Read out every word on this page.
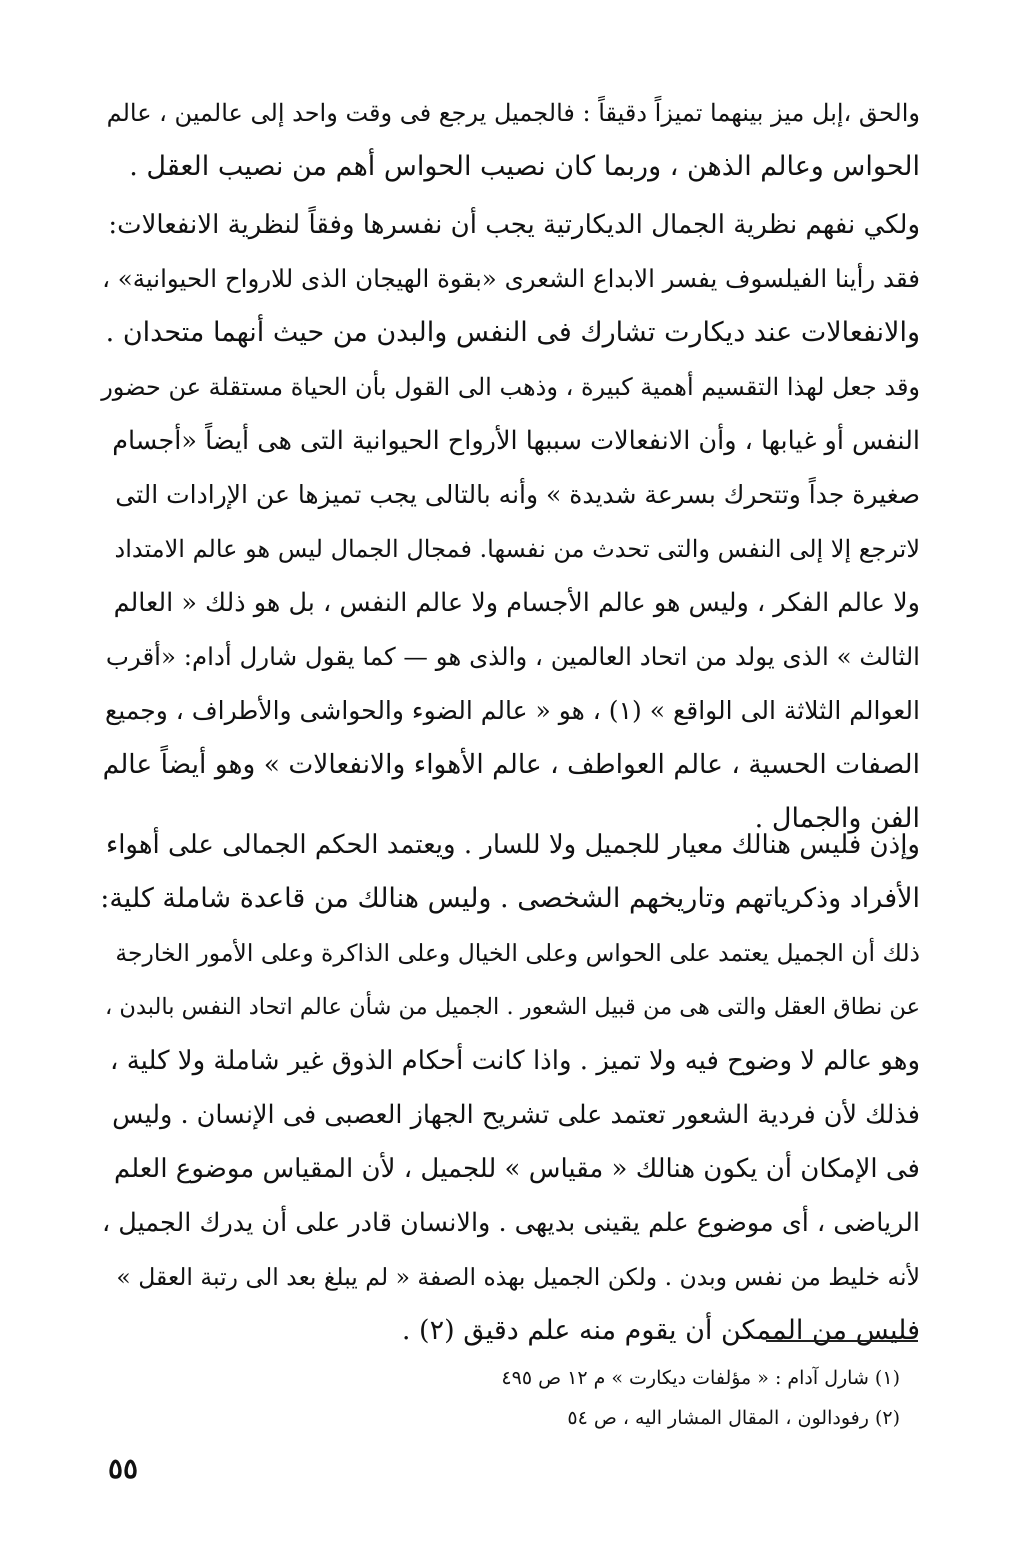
والحق ،إبل ميز بينهما تميزاً دقيقاً : فالجميل يرجع فى وقت واحد إلى عالمين ، عالم
الحواس وعالم الذهن ، وربما كان نصيب الحواس أهم من نصيب العقل .
ولكي نفهم نظرية الجمال الديكارتية يجب أن نفسرها وفقاً لنظرية الانفعالات:
فقد رأينا الفيلسوف يفسر الابداع الشعرى «بقوة الهيجان الذى للارواح الحيوانية» ،
والانفعالات عند ديكارت تشارك فى النفس والبدن من حيث أنهما متحدان .
وقد جعل لهذا التقسيم أهمية كبيرة ، وذهب الى القول بأن الحياة مستقلة عن حضور
النفس أو غيابها ، وأن الانفعالات سببها الأرواح الحيوانية التى هى أيضاً «أجسام
صغيرة جداً وتتحرك بسرعة شديدة » وأنه بالتالى يجب تميزها عن الإرادات التى
لاترجع إلا إلى النفس والتى تحدث من نفسها. فمجال الجمال ليس هو عالم الامتداد
ولا عالم الفكر ، وليس هو عالم الأجسام ولا عالم النفس ، بل هو ذلك « العالم
الثالث » الذى يولد من اتحاد العالمين ، والذى هو — كما يقول شارل أدام: «أقرب
العوالم الثلاثة الى الواقع » (١) ، هو « عالم الضوء والحواشى والأطراف ، وجميع
الصفات الحسية ، عالم العواطف ، عالم الأهواء والانفعالات » وهو أيضاً عالم
الفن والجمال .
وإذن فليس هنالك معيار للجميل ولا للسار . ويعتمد الحكم الجمالى على أهواء
الأفراد وذكرياتهم وتاريخهم الشخصى . وليس هنالك من قاعدة شاملة كلية:
ذلك أن الجميل يعتمد على الحواس وعلى الخيال وعلى الذاكرة وعلى الأمور الخارجة
عن نطاق العقل والتى هى من قبيل الشعور . الجميل من شأن عالم اتحاد النفس بالبدن ،
وهو عالم لا وضوح فيه ولا تميز . واذا كانت أحكام الذوق غير شاملة ولا كلية ،
فذلك لأن فردية الشعور تعتمد على تشريح الجهاز العصبى فى الإنسان . وليس
فى الإمكان أن يكون هنالك « مقياس » للجميل ، لأن المقياس موضوع العلم
الرياضى ، أى موضوع علم يقينى بديهى . والانسان قادر على أن يدرك الجميل ،
لأنه خليط من نفس وبدن . ولكن الجميل بهذه الصفة « لم يبلغ بعد الى رتبة العقل »
فليس من الممكن أن يقوم منه علم دقيق (٢) .
(١) شارل آدام : « مؤلفات ديكارت » م ١٢ ص ٤٩٥
(٢) رفودالون ، المقال المشار اليه ، ص ٥٤
٥٥
